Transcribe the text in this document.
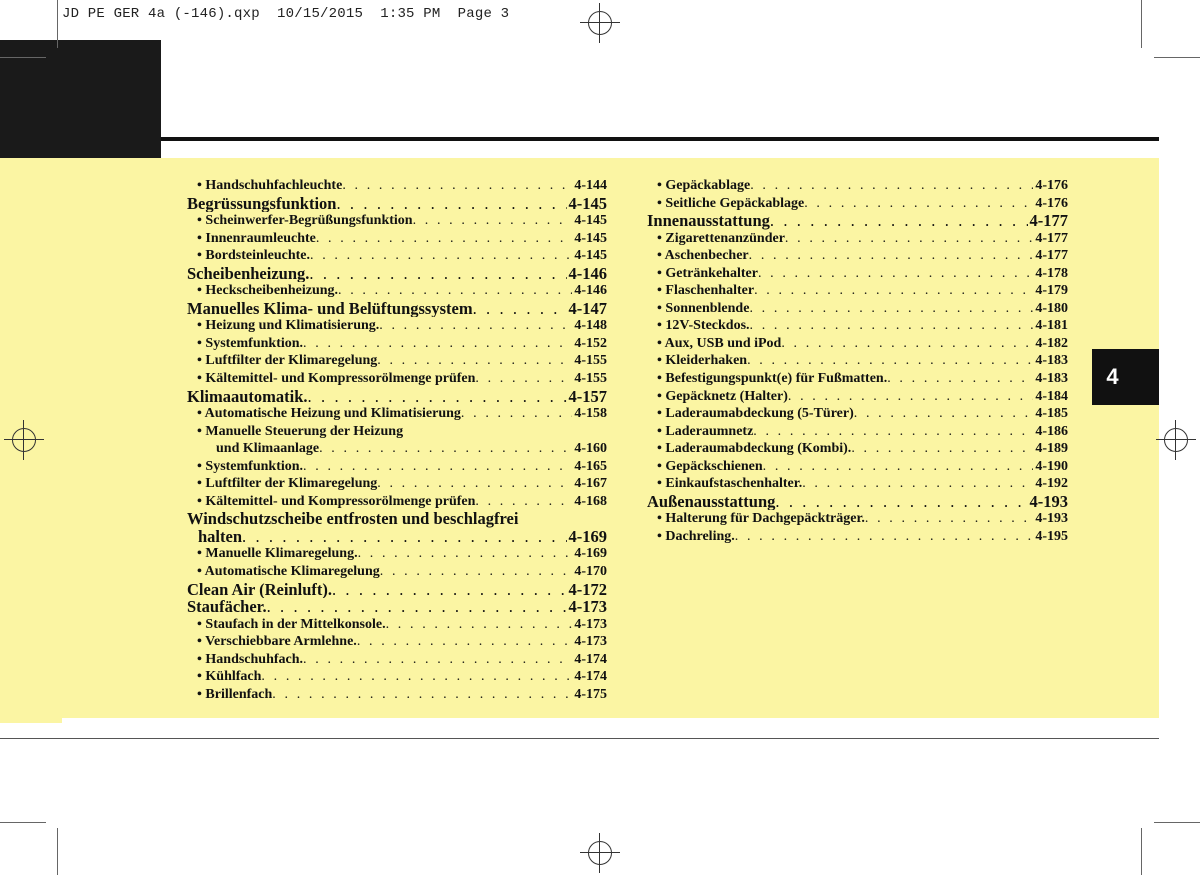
JD PE GER 4a (-146).qxp  10/15/2015  1:35 PM  Page 3
4
• Handschuhfachleuchte . . .	4-144
Begrüssungsfunktion . . .	4-145
• Scheinwerfer-Begrüßungsfunktion . . .	4-145
• Innenraumleuchte . . .	4-145
• Bordsteinleuchte. . . .	4-145
Scheibenheizung. . . .	4-146
• Heckscheibenheizung. . . .	4-146
Manuelles Klima- und Belüftungssystem . . .	4-147
• Heizung und Klimatisierung. . . .	4-148
• Systemfunktion. . . .	4-152
• Luftfilter der Klimaregelung . . .	4-155
• Kältemittel- und Kompressorölmenge prüfen . . .	4-155
Klimaautomatik. . . .	4-157
• Automatische Heizung und Klimatisierung . . .	4-158
• Manuelle Steuerung der Heizung
und Klimaanlage . . .	4-160
• Systemfunktion. . . .	4-165
• Luftfilter der Klimaregelung . . .	4-167
• Kältemittel- und Kompressorölmenge prüfen . . .	4-168
Windschutzscheibe entfrosten und beschlagfrei
halten . . .	4-169
• Manuelle Klimaregelung. . . .	4-169
• Automatische Klimaregelung . . .	4-170
Clean Air (Reinluft). . . .	4-172
Staufächer. . . .	4-173
• Staufach in der Mittelkonsole. . . .	4-173
• Verschiebbare Armlehne. . . .	4-173
• Handschuhfach. . . .	4-174
• Kühlfach . . .	4-174
• Brillenfach . . .	4-175
• Gepäckablage . . .	4-176
• Seitliche Gepäckablage . . .	4-176
Innenausstattung . . .	4-177
• Zigarettenanzünder . . .	4-177
• Aschenbecher . . .	4-177
• Getränkehalter . . .	4-178
• Flaschenhalter . . .	4-179
• Sonnenblende . . .	4-180
• 12V-Steckdos. . . .	4-181
• Aux, USB und iPod . . .	4-182
• Kleiderhaken . . .	4-183
• Befestigungspunkt(e) für Fußmatten. . . .	4-183
• Gepäcknetz (Halter) . . .	4-184
• Laderaumabdeckung (5-Türer) . . .	4-185
• Laderaumnetz . . .	4-186
• Laderaumabdeckung (Kombi). . . .	4-189
• Gepäckschienen . . .	4-190
• Einkaufstaschenhalter. . . .	4-192
Außenausstattung . . .	4-193
• Halterung für Dachgepäckträger. . . .	4-193
• Dachreling. . . .	4-195
